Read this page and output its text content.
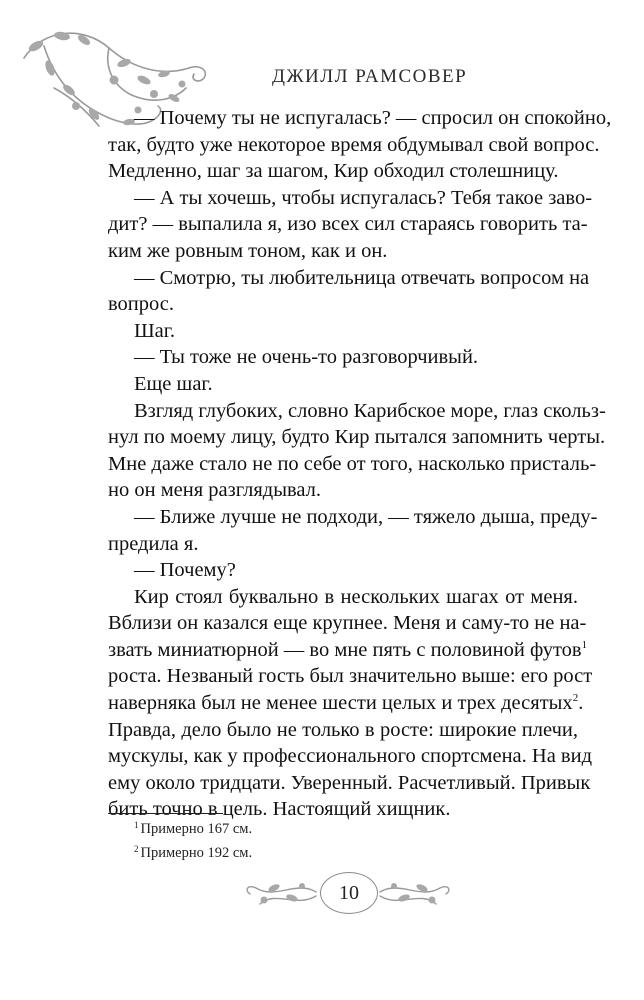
ДЖИЛЛ РАМСОВЕР
— Почему ты не испугалась? — спросил он спокойно,
так, будто уже некоторое время обдумывал свой вопрос.
Медленно, шаг за шагом, Кир обходил столешницу.
— А ты хочешь, чтобы испугалась? Тебя такое заво-
дит? — выпалила я, изо всех сил стараясь говорить та-
ким же ровным тоном, как и он.
— Смотрю, ты любительница отвечать вопросом на
вопрос.
Шаг.
— Ты тоже не очень-то разговорчивый.
Еще шаг.
Взгляд глубоких, словно Карибское море, глаз скольз-
нул по моему лицу, будто Кир пытался запомнить черты.
Мне даже стало не по себе от того, насколько присталь-
но он меня разглядывал.
— Ближе лучше не подходи, — тяжело дыша, преду-
предила я.
— Почему?
Кир стоял буквально в нескольких шагах от меня.
Вблизи он казался еще крупнее. Меня и саму-то не на-
звать миниатюрной — во мне пять с половиной футов$^1$
роста. Незваный гость был значительно выше: его рост
наверняка был не менее шести целых и трех десятых$^2$.
Правда, дело было не только в росте: широкие плечи,
мускулы, как у профессионального спортсмена. На вид
ему около тридцати. Уверенный. Расчетливый. Привык
бить точно в цель. Настоящий хищник.
$^1$ Примерно 167 см.
$^2$ Примерно 192 см.
10
